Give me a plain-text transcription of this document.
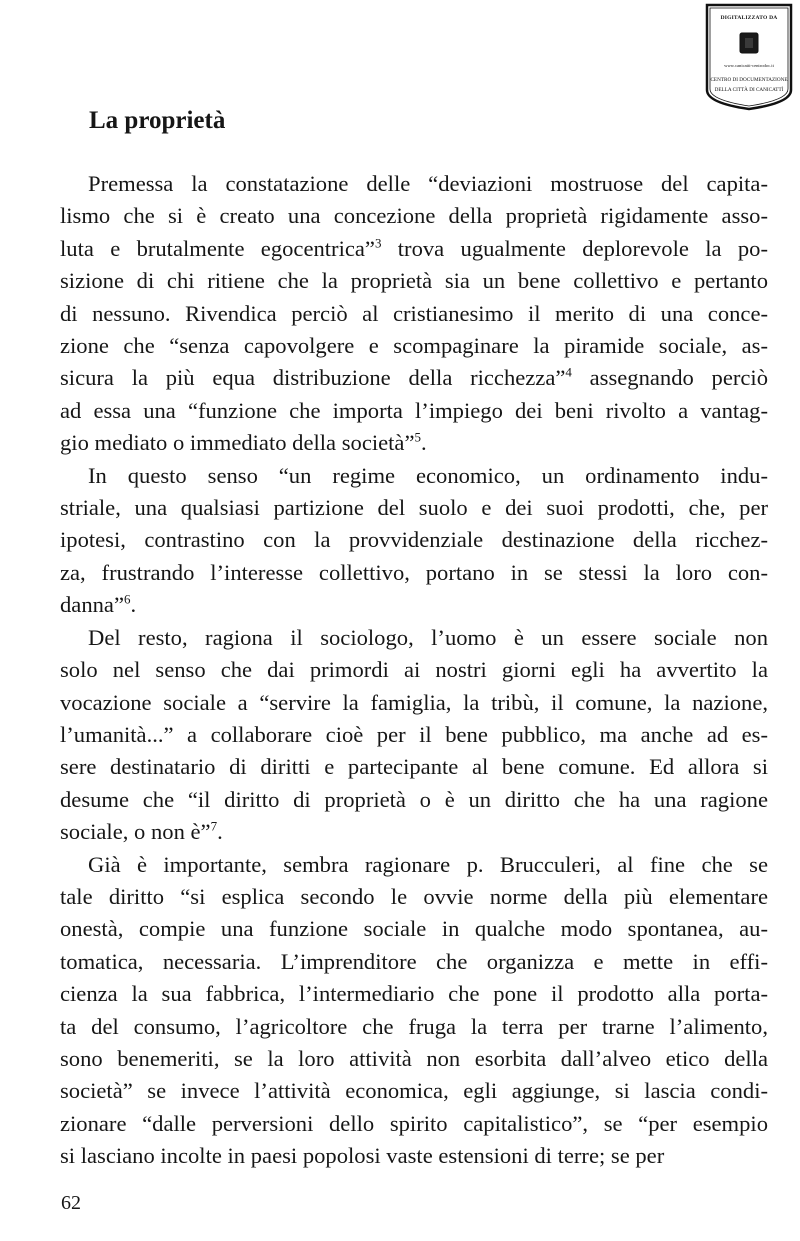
DIGITALIZZATO DA
www.canicatti-centrodoc.it
CENTRO DI DOCUMENTAZIONE
DELLA CITTÀ DI CANICATTÌ
La proprietà

Premessa la constatazione delle “deviazioni mostruose del capita-
lismo che si è creato una concezione della proprietà rigidamente asso-
luta e brutalmente egocentrica”$^3$ trova ugualmente deplorevole la po-
sizione di chi ritiene che la proprietà sia un bene collettivo e pertanto
di nessuno. Rivendica perciò al cristianesimo il merito di una conce-
zione che “senza capovolgere e scompaginare la piramide sociale, as-
sicura la più equa distribuzione della ricchezza”$^4$ assegnando perciò
ad essa una “funzione che importa l’impiego dei beni rivolto a vantag-
gio mediato o immediato della società”$^5$.

In questo senso “un regime economico, un ordinamento indu-
striale, una qualsiasi partizione del suolo e dei suoi prodotti, che, per
ipotesi, contrastino con la provvidenziale destinazione della ricchez-
za, frustrando l’interesse collettivo, portano in se stessi la loro con-
danna”$^6$.

Del resto, ragiona il sociologo, l’uomo è un essere sociale non
solo nel senso che dai primordi ai nostri giorni egli ha avvertito la
vocazione sociale a “servire la famiglia, la tribù, il comune, la nazione,
l’umanità...” a collaborare cioè per il bene pubblico, ma anche ad es-
sere destinatario di diritti e partecipante al bene comune. Ed allora si
desume che “il diritto di proprietà o è un diritto che ha una ragione
sociale, o non è”$^7$.

Già è importante, sembra ragionare p. Brucculeri, al fine che se
tale diritto “si esplica secondo le ovvie norme della più elementare
onestà, compie una funzione sociale in qualche modo spontanea, au-
tomatica, necessaria. L’imprenditore che organizza e mette in effi-
cienza la sua fabbrica, l’intermediario che pone il prodotto alla porta-
ta del consumo, l’agricoltore che fruga la terra per trarne l’alimento,
sono benemeriti, se la loro attività non esorbita dall’alveo etico della
società” se invece l’attività economica, egli aggiunge, si lascia condi-
zionare “dalle perversioni dello spirito capitalistico”, se “per esempio
si lasciano incolte in paesi popolosi vaste estensioni di terre; se per

62
